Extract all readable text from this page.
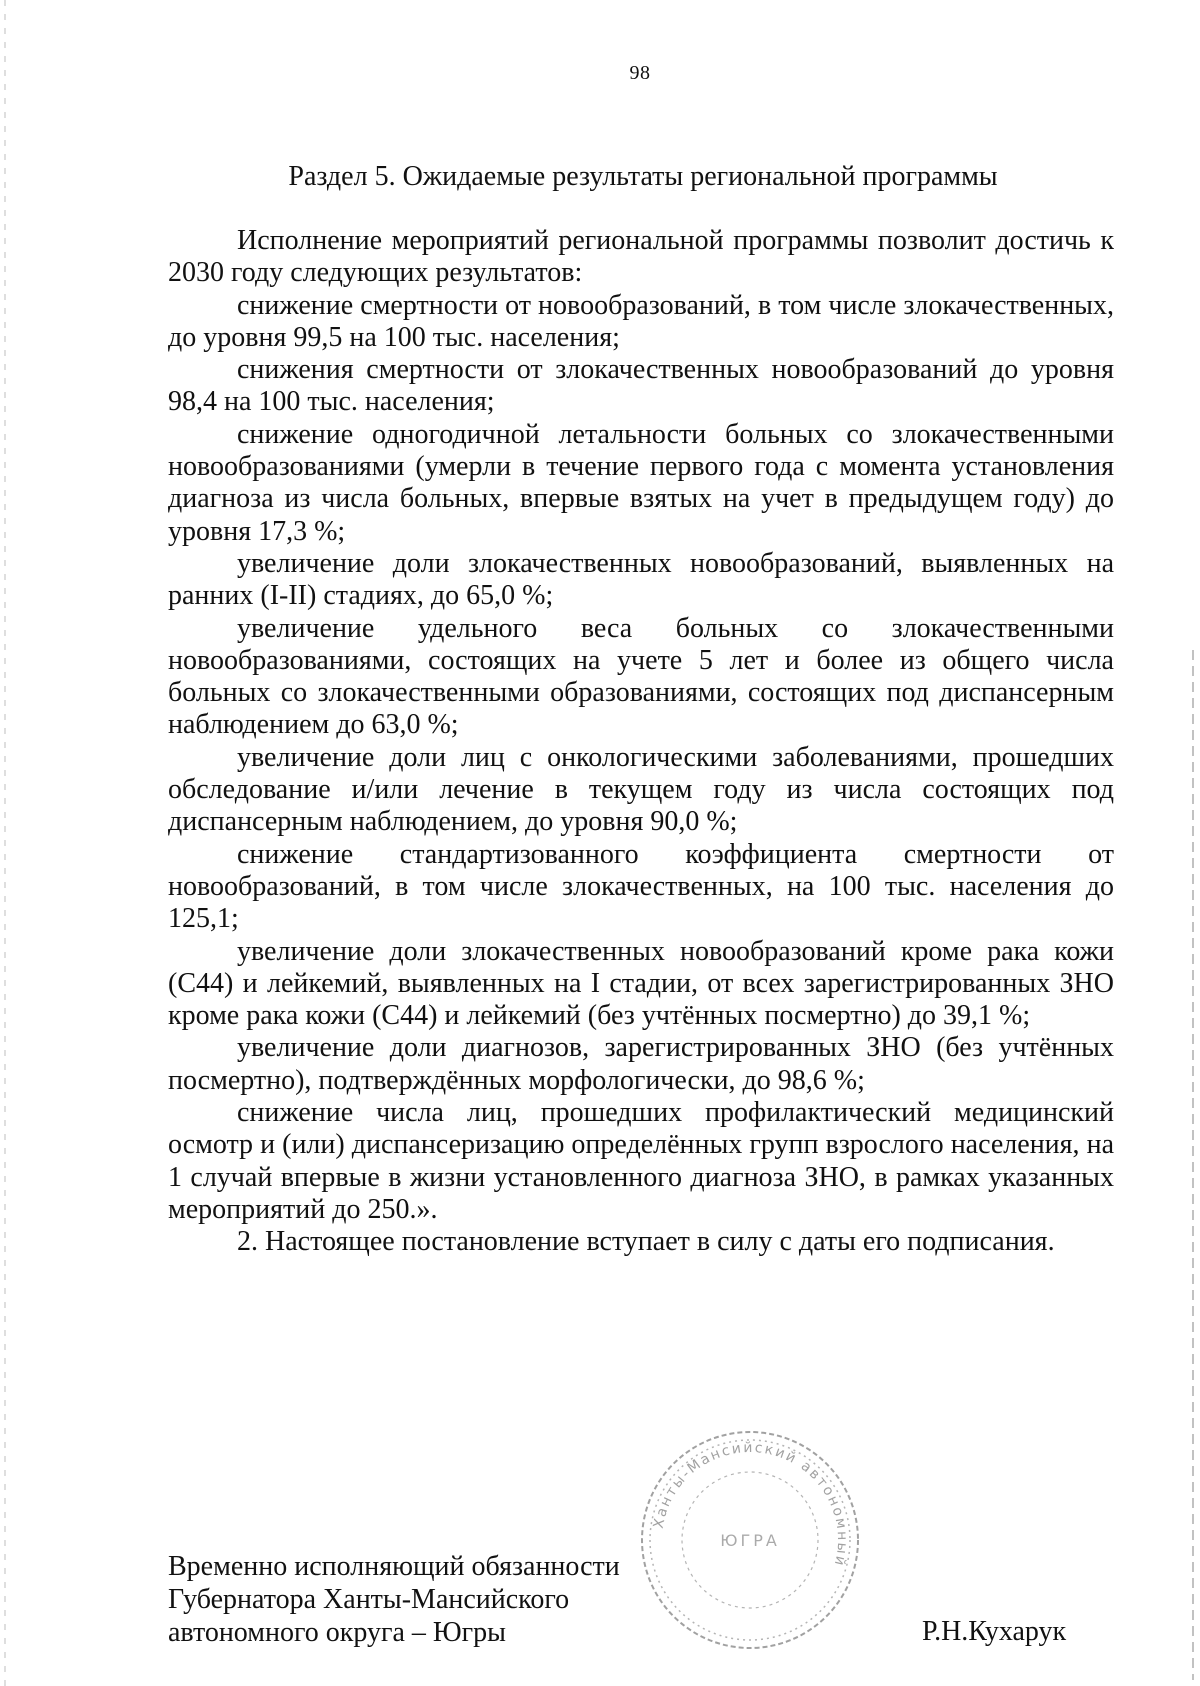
98
Раздел 5. Ожидаемые результаты региональной программы

Исполнение мероприятий региональной программы позволит достичь к 2030 году следующих результатов:

снижение смертности от новообразований, в том числе злокачественных, до уровня 99,5 на 100 тыс. населения;

снижения смертности от злокачественных новообразований до уровня 98,4 на 100 тыс. населения;

снижение одногодичной летальности больных со злокачественными новообразованиями (умерли в течение первого года с момента установления диагноза из числа больных, впервые взятых на учет в предыдущем году) до уровня 17,3 %;

увеличение доли злокачественных новообразований, выявленных на ранних (I-II) стадиях, до 65,0 %;

увеличение удельного веса больных со злокачественными новообразованиями, состоящих на учете 5 лет и более из общего числа больных со злокачественными образованиями, состоящих под диспансерным наблюдением до 63,0 %;

увеличение доли лиц с онкологическими заболеваниями, прошедших обследование и/или лечение в текущем году из числа состоящих под диспансерным наблюдением, до уровня 90,0 %;

снижение стандартизованного коэффициента смертности от новообразований, в том числе злокачественных, на 100 тыс. населения до 125,1;

увеличение доли злокачественных новообразований кроме рака кожи (С44) и лейкемий, выявленных на I стадии, от всех зарегистрированных ЗНО кроме рака кожи (С44) и лейкемий (без учтённых посмертно) до 39,1 %;

увеличение доли диагнозов, зарегистрированных ЗНО (без учтённых посмертно), подтверждённых морфологически, до 98,6 %;

снижение числа лиц, прошедших профилактический медицинский осмотр и (или) диспансеризацию определённых групп взрослого населения, на 1 случай впервые в жизни установленного диагноза ЗНО, в рамках указанных мероприятий до 250.».

2. Настоящее постановление вступает в силу с даты его подписания.

Временно исполняющий обязанности
Губернатора Ханты-Мансийского
автономного округа – Югры
Ханты-Мансийский автономный
ЮГРА
Р.Н.Кухарук
